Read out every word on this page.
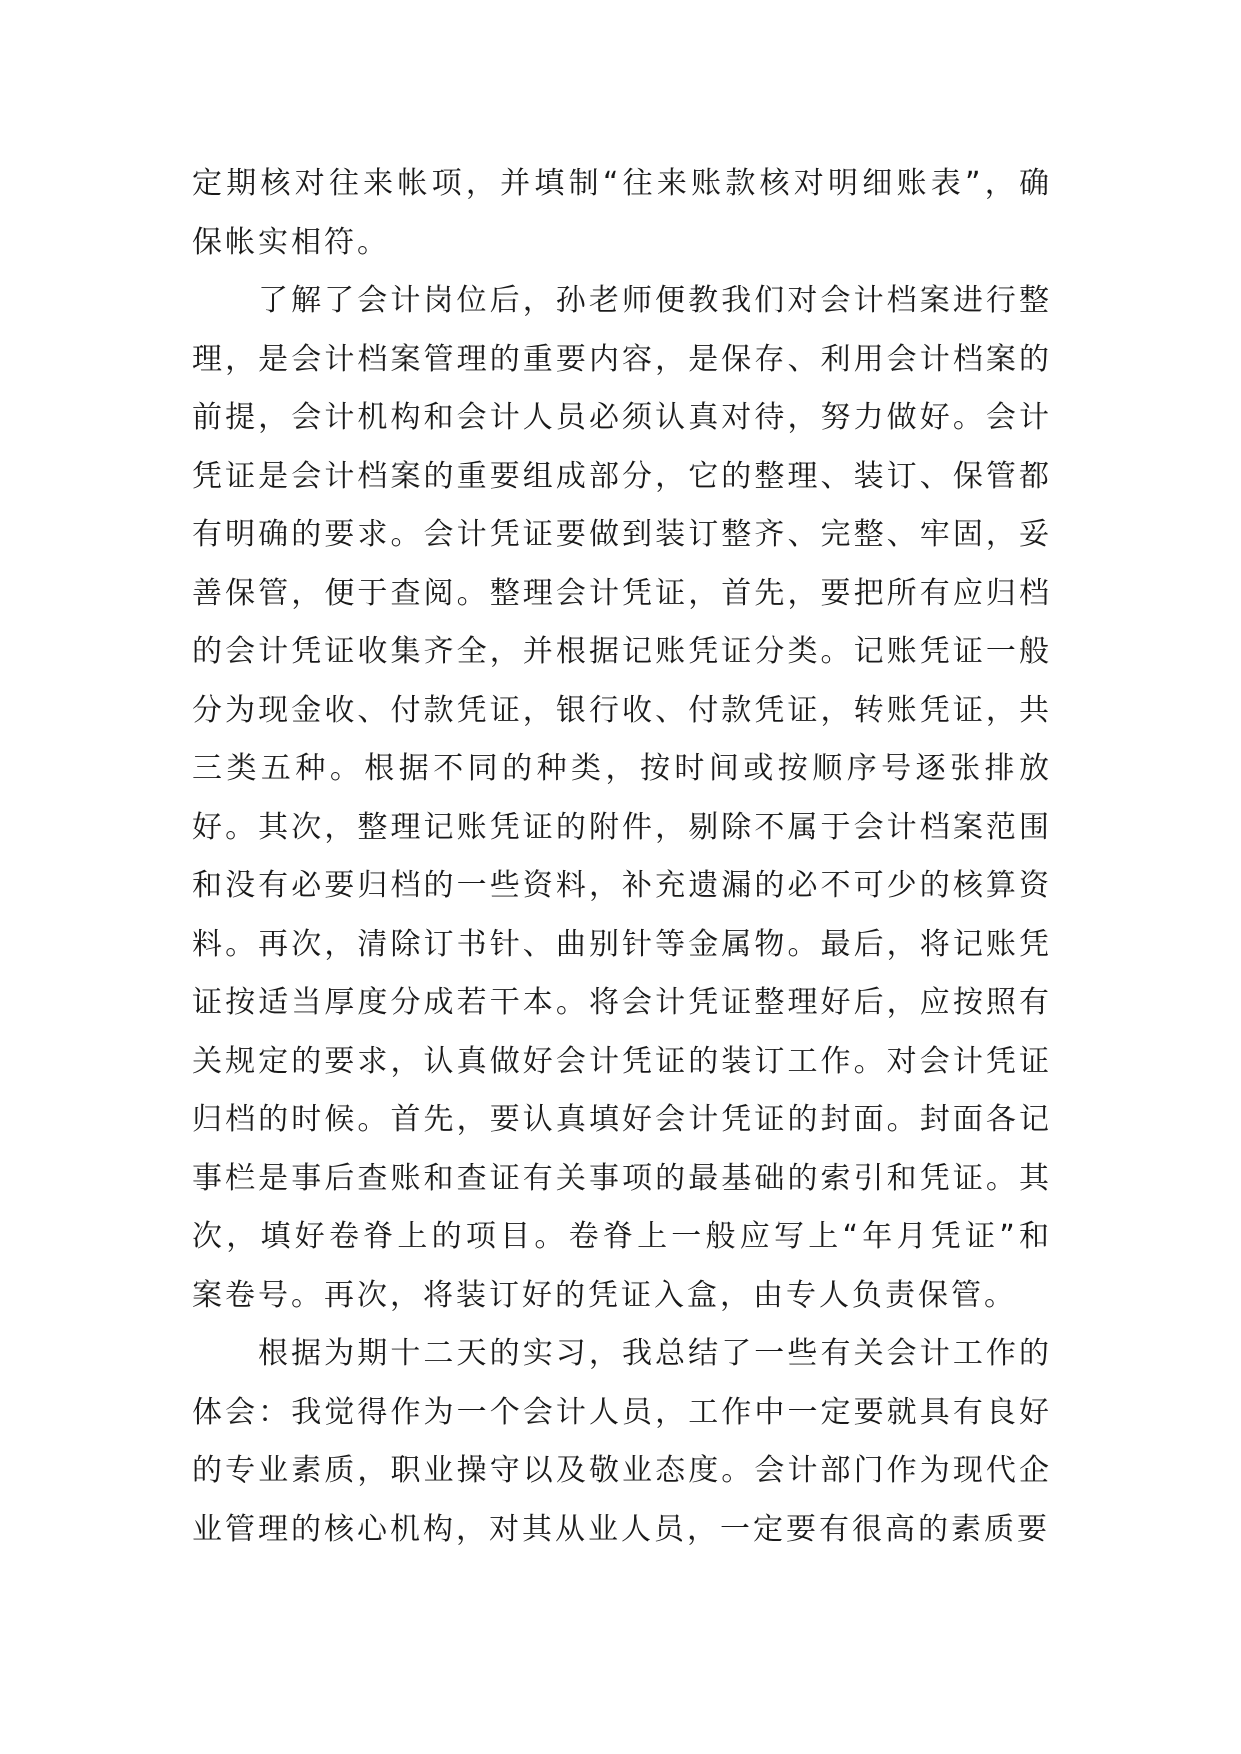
定期核对往来帐项，并填制“往来账款核对明细账表”，确保帐实相符。

了解了会计岗位后，孙老师便教我们对会计档案进行整理，是会计档案管理的重要内容，是保存、利用会计档案的前提，会计机构和会计人员必须认真对待，努力做好。会计凭证是会计档案的重要组成部分，它的整理、装订、保管都有明确的要求。会计凭证要做到装订整齐、完整、牢固，妥善保管，便于查阅。整理会计凭证，首先，要把所有应归档的会计凭证收集齐全，并根据记账凭证分类。记账凭证一般分为现金收、付款凭证，银行收、付款凭证，转账凭证，共三类五种。根据不同的种类，按时间或按顺序号逐张排放好。其次，整理记账凭证的附件，剔除不属于会计档案范围和没有必要归档的一些资料，补充遗漏的必不可少的核算资料。再次，清除订书针、曲别针等金属物。最后，将记账凭证按适当厚度分成若干本。将会计凭证整理好后，应按照有关规定的要求，认真做好会计凭证的装订工作。对会计凭证归档的时候。首先，要认真填好会计凭证的封面。封面各记事栏是事后查账和查证有关事项的最基础的索引和凭证。其次，填好卷脊上的项目。卷脊上一般应写上“年月凭证”和案卷号。再次，将装订好的凭证入盒，由专人负责保管。

根据为期十二天的实习，我总结了一些有关会计工作的体会：我觉得作为一个会计人员，工作中一定要就具有良好的专业素质，职业操守以及敬业态度。会计部门作为现代企业管理的核心机构，对其从业人员，一定要有很高的素质要
